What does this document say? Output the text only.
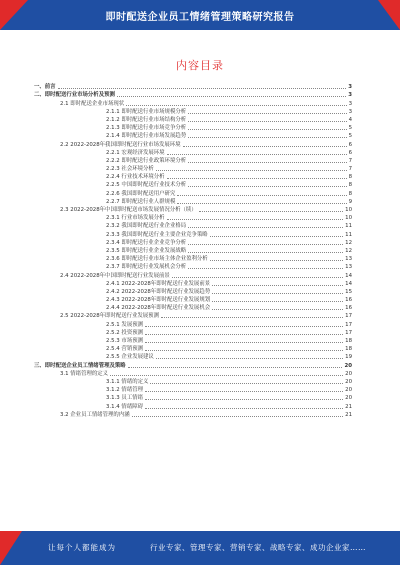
即时配送企业员工情绪管理策略研究报告
内容目录
一、前言	3
二、即时配送行业市场分析及预测	3
2.1 即时配送企业市场现状	3
2.1.1 即时配送行业市场规模分析	3
2.1.2 即时配送行业市场结构分析	4
2.1.3 即时配送行业市场竞争分析	5
2.1.4 即时配送行业市场发展趋势	5
2.2 2022-2028年我国即时配送行业市场发展环境	6
2.2.1 宏观经济发展环境	6
2.2.2 即时配送行业政策环境分析	7
2.2.3 社会环境分析	7
2.2.4 行业技术环境分析	8
2.2.5 中国即时配送行业技术分析	8
2.2.6 我国即时配送用户研究	8
2.2.7 即时配送行业人群规模	9
2.3 2022-2028年中国即时配送市场发展情况分析（续）	10
2.3.1 行业市场发展分析	10
2.3.2 我国即时配送行业企业格局	11
2.3.3 我国即时配送行业主要企业竞争策略	11
2.3.4 即时配送行业企业竞争分析	12
2.3.5 即时配送行业企业发展战略	12
2.3.6 即时配送行业市场主体企业盈利分析	13
2.3.7 即时配送行业发展机会分析	13
2.4 2022-2028年中国即时配送行业发展前景	14
2.4.1 2022-2028年即时配送行业发展前景	14
2.4.2 2022-2028年即时配送行业发展趋势	15
2.4.3 2022-2028年即时配送行业发展规划	16
2.4.4 2022-2028年即时配送行业发展机会	16
2.5 2022-2028年即时配送行业发展预测	17
2.5.1 发展预测	17
2.5.2 投资预测	17
2.5.3 市场预测	18
2.5.4 营销预测	18
2.5.5 企业发展建议	19
三、即时配送企业员工情绪管理及策略	20
3.1 情绪管理的定义	20
3.1.1 情绪的定义	20
3.1.2 情绪管理	20
3.1.3 员工情绪	20
3.1.4 情绪障碍	21
3.2 企业员工情绪管理的内涵	21
让每个人都能成为	行业专家、管理专家、营销专家、战略专家、成功企业家……
